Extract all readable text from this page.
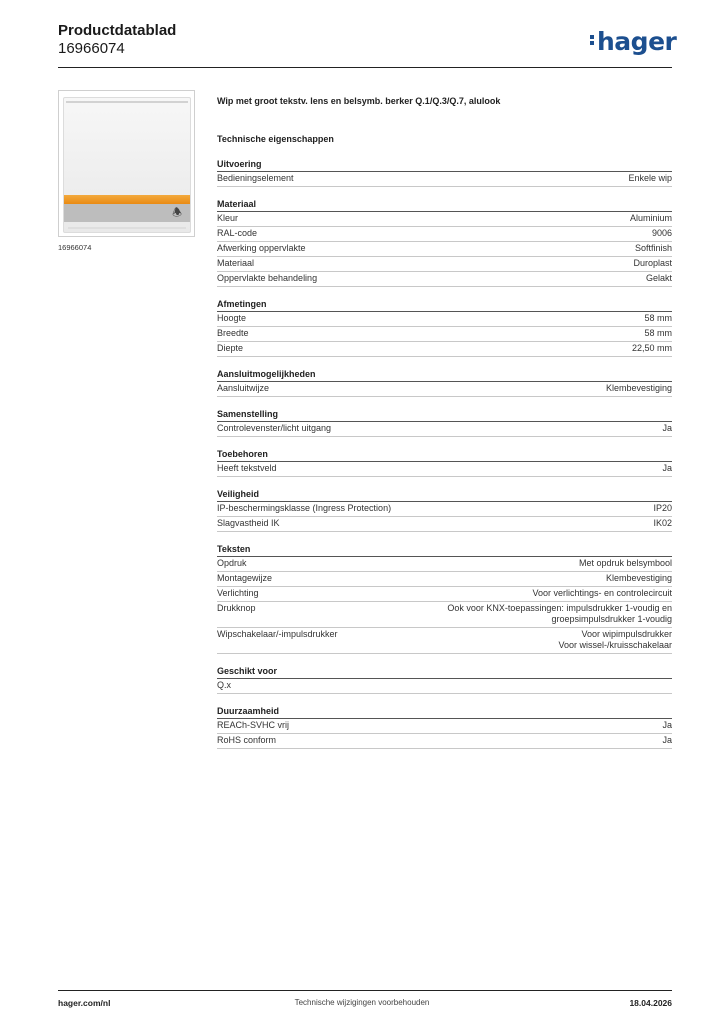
Productdatablad
16966074	hager
🕭
16966074
Wip met groot tekstv. lens en belsymb. berker Q.1/Q.3/Q.7, alulook
Technische eigenschappen
Uitvoering
Bedieningselement	Enkele wip
Materiaal
Kleur	Aluminium
RAL-code	9006
Afwerking oppervlakte	Softfinish
Materiaal	Duroplast
Oppervlakte behandeling	Gelakt
Afmetingen
Hoogte	58 mm
Breedte	58 mm
Diepte	22,50 mm
Aansluitmogelijkheden
Aansluitwijze	Klembevestiging
Samenstelling
Controlevenster/licht uitgang	Ja
Toebehoren
Heeft tekstveld	Ja
Veiligheid
IP-beschermingsklasse (Ingress Protection)	IP20
Slagvastheid IK	IK02
Teksten
Opdruk	Met opdruk belsymbool
Montagewijze	Klembevestiging
Verlichting	Voor verlichtings- en controlecircuit
Drukknop	Ook voor KNX-toepassingen: impulsdrukker 1-voudig en
groepsimpulsdrukker 1-voudig
Wipschakelaar/-impulsdrukker	Voor wipimpulsdrukker
Voor wissel-/kruisschakelaar
Geschikt voor
Q.x
Duurzaamheid
REACh-SVHC vrij	Ja
RoHS conform	Ja
hager.com/nl	Technische wijzigingen voorbehouden	18.04.2026
